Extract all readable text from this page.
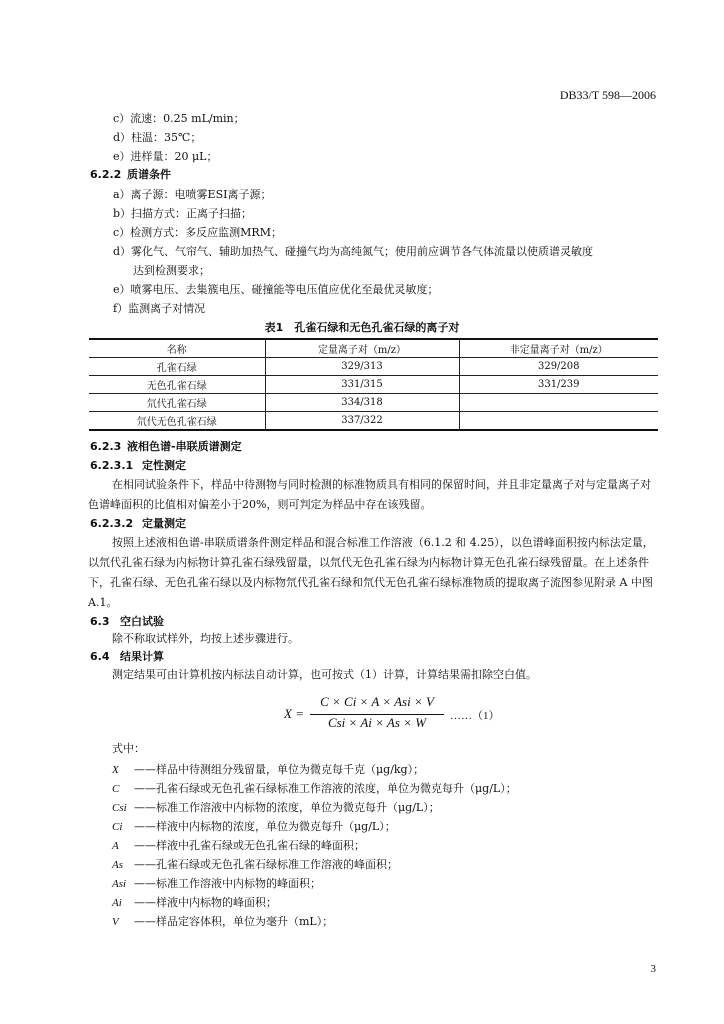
DB33/T 598—2006
c）流速：0.25 mL/min；
d）柱温：35℃；
e）进样量：20 μL；
6.2.2 质谱条件
a）离子源：电喷雾ESI离子源；
b）扫描方式：正离子扫描；
c）检测方式：多反应监测MRM；
d）雾化气、气帘气、辅助加热气、碰撞气均为高纯氮气；使用前应调节各气体流量以使质谱灵敏度
达到检测要求；
e）喷雾电压、去集簇电压、碰撞能等电压值应优化至最优灵敏度；
f）监测离子对情况
表1　孔雀石绿和无色孔雀石绿的离子对
名称	定量离子对（m/z）	非定量离子对（m/z）
孔雀石绿	329/313	329/208
无色孔雀石绿	331/315	331/239
氘代孔雀石绿	334/318	
氘代无色孔雀石绿	337/322	
6.2.3 液相色谱-串联质谱测定
6.2.3.1 定性测定
在相同试验条件下，样品中待测物与同时检测的标准物质具有相同的保留时间，并且非定量离子对与定量离子对色谱峰面积的比值相对偏差小于20%，则可判定为样品中存在该残留。
6.2.3.2 定量测定
按照上述液相色谱-串联质谱条件测定样品和混合标准工作溶液（6.1.2 和 4.25），以色谱峰面积按内标法定量，以氘代孔雀石绿为内标物计算孔雀石绿残留量，以氘代无色孔雀石绿为内标物计算无色孔雀石绿残留量。在上述条件下，孔雀石绿、无色孔雀石绿以及内标物氘代孔雀石绿和氘代无色孔雀石绿标准物质的提取离子流图参见附录 A 中图 A.1。
6.3 空白试验
除不称取试样外，均按上述步骤进行。
6.4 结果计算
测定结果可由计算机按内标法自动计算，也可按式（1）计算，计算结果需扣除空白值。
X =
C × Ci × A × Asi × V
Csi × Ai × As × W	……（1）
式中：
X ——样品中待测组分残留量，单位为微克每千克（μg/kg）；
C ——孔雀石绿或无色孔雀石绿标准工作溶液的浓度，单位为微克每升（μg/L）；
Csi ——标准工作溶液中内标物的浓度，单位为微克每升（μg/L）；
Ci ——样液中内标物的浓度，单位为微克每升（μg/L）；
A ——样液中孔雀石绿或无色孔雀石绿的峰面积；
As ——孔雀石绿或无色孔雀石绿标准工作溶液的峰面积；
Asi ——标准工作溶液中内标物的峰面积；
Ai ——样液中内标物的峰面积；
V ——样品定容体积，单位为毫升（mL）；
3
